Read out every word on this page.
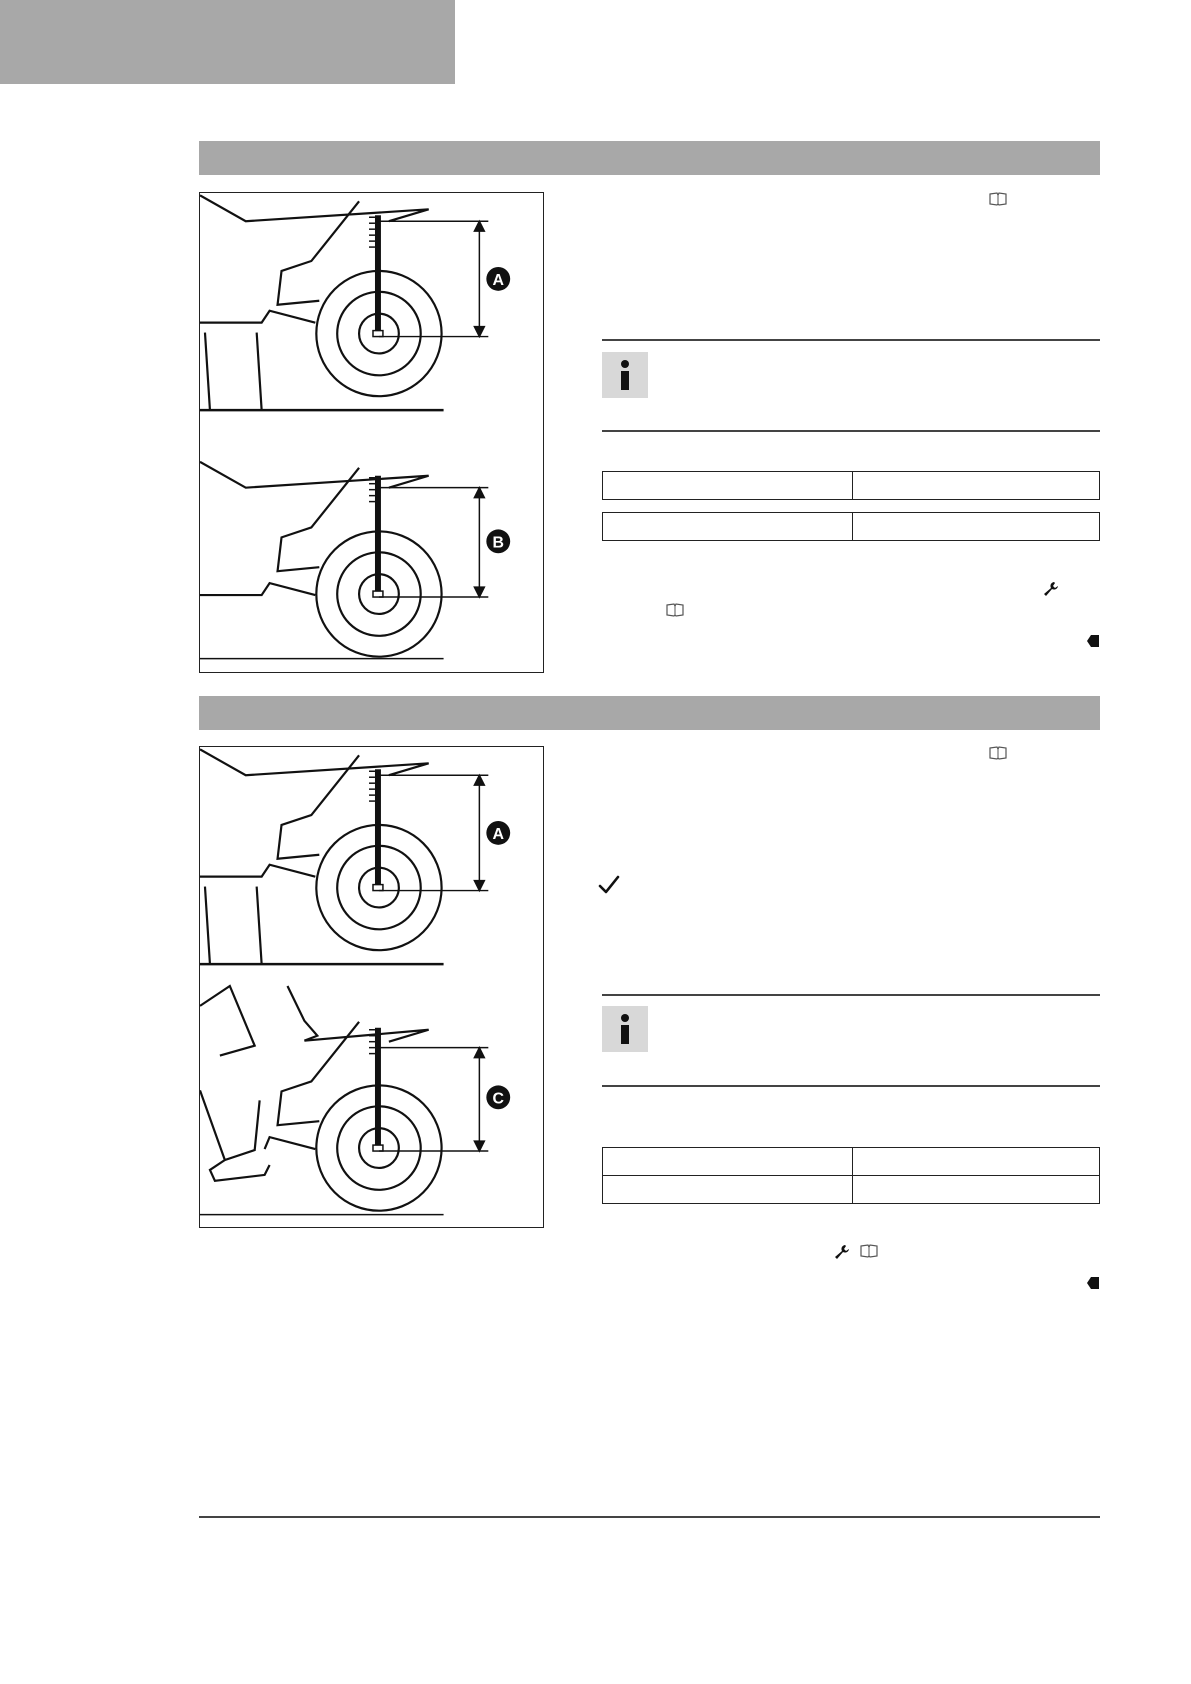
A
B
A
C
